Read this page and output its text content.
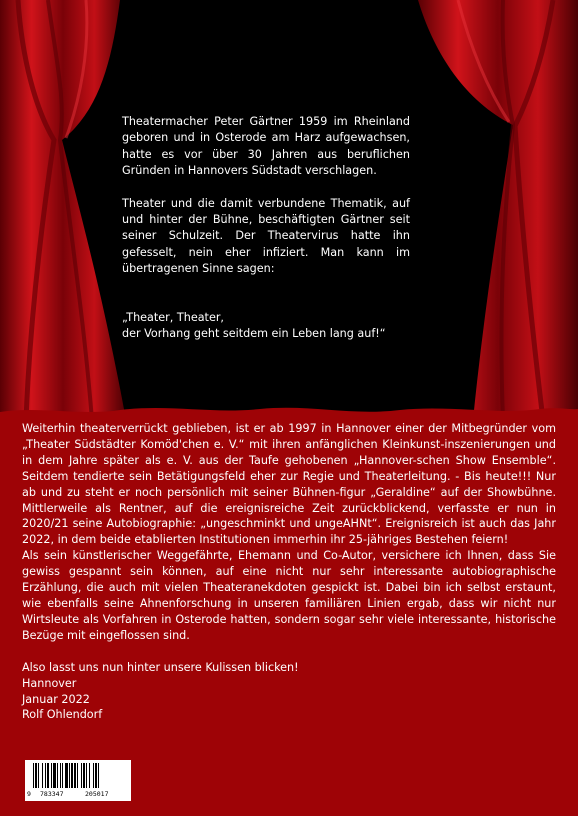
Theatermacher Peter Gärtner 1959 im Rheinland geboren und in Osterode am Harz aufgewachsen, hatte es vor über 30 Jahren aus beruflichen Gründen in Hannovers Südstadt verschlagen.

Theater und die damit verbundene Thematik, auf und hinter der Bühne, beschäftigten Gärtner seit seiner Schulzeit. Der Theatervirus hatte ihn gefesselt, nein eher infiziert. Man kann im übertragenen Sinne sagen:

„Theater, Theater,

der Vorhang geht seitdem ein Leben lang auf!“

Weiterhin theaterverrückt geblieben, ist er ab 1997 in Hannover einer der Mitbegründer vom „Theater Südstädter Komöd'chen e. V.“ mit ihren anfänglichen Kleinkunst-inszenierungen und in dem Jahre später als e. V. aus der Taufe gehobenen „Hannover-schen Show Ensemble“. Seitdem tendierte sein Betätigungsfeld eher zur Regie und Theaterleitung. - Bis heute!!! Nur ab und zu steht er noch persönlich mit seiner Bühnen-figur „Geraldine“ auf der Showbühne. Mittlerweile als Rentner, auf die ereignisreiche Zeit zurückblickend, verfasste er nun in 2020/21 seine Autobiographie: „ungeschminkt und ungeAHNt“. Ereignisreich ist auch das Jahr 2022, in dem beide etablierten Institutionen immerhin ihr 25-jähriges Bestehen feiern!

Als sein künstlerischer Weggefährte, Ehemann und Co-Autor, versichere ich Ihnen, dass Sie gewiss gespannt sein können, auf eine nicht nur sehr interessante autobiographische Erzählung, die auch mit vielen Theateranekdoten gespickt ist. Dabei bin ich selbst erstaunt, wie ebenfalls seine Ahnenforschung in unseren familiären Linien ergab, dass wir nicht nur Wirtsleute als Vorfahren in Osterode hatten, sondern sogar sehr viele interessante, historische Bezüge mit eingeflossen sind.

Also lasst uns nun hinter unsere Kulissen blicken!

Hannover

Januar 2022

Rolf Ohlendorf

9 783347	205017
